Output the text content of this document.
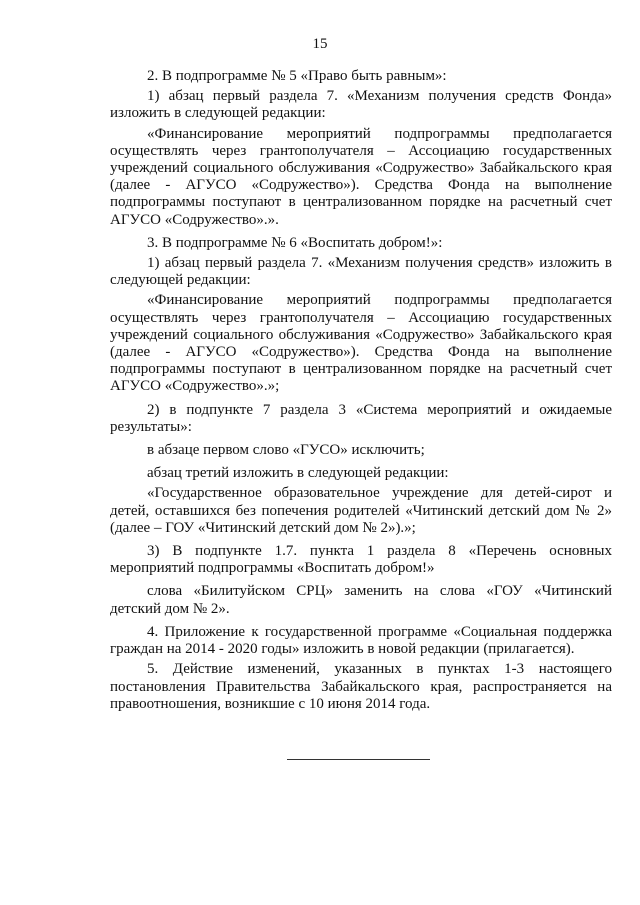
15

2. В подпрограмме № 5 «Право быть равным»:

1) абзац первый раздела 7. «Механизм получения средств Фонда» изложить в следующей редакции:

«Финансирование мероприятий подпрограммы предполагается осуществлять через грантополучателя – Ассоциацию государственных учреждений социального обслуживания «Содружество» Забайкальского края (далее - АГУСО «Содружество»). Средства Фонда на выполнение подпрограммы поступают в централизованном порядке на расчетный счет АГУСО «Содружество».».

3. В подпрограмме № 6 «Воспитать добром!»:

1) абзац первый раздела 7. «Механизм получения средств» изложить в следующей редакции:

«Финансирование мероприятий подпрограммы предполагается осуществлять через грантополучателя – Ассоциацию государственных учреждений социального обслуживания «Содружество» Забайкальского края (далее - АГУСО «Содружество»). Средства Фонда на выполнение подпрограммы поступают в централизованном порядке на расчетный счет АГУСО «Содружество».»;

2) в подпункте 7 раздела 3 «Система мероприятий и ожидаемые результаты»:

в абзаце первом слово «ГУСО» исключить;

абзац третий изложить в следующей редакции:

«Государственное образовательное учреждение для детей-сирот и детей, оставшихся без попечения родителей «Читинский детский дом № 2» (далее – ГОУ «Читинский детский дом № 2»).»;

3) В подпункте 1.7. пункта 1 раздела 8 «Перечень основных мероприятий подпрограммы «Воспитать добром!»

слова «Билитуйском СРЦ» заменить на слова «ГОУ «Читинский детский дом № 2».

4. Приложение к государственной программе «Социальная поддержка граждан на 2014 - 2020 годы» изложить в новой редакции (прилагается).

5. Действие изменений, указанных в пунктах 1-3 настоящего постановления Правительства Забайкальского края, распространяется на правоотношения, возникшие с 10 июня 2014 года.
